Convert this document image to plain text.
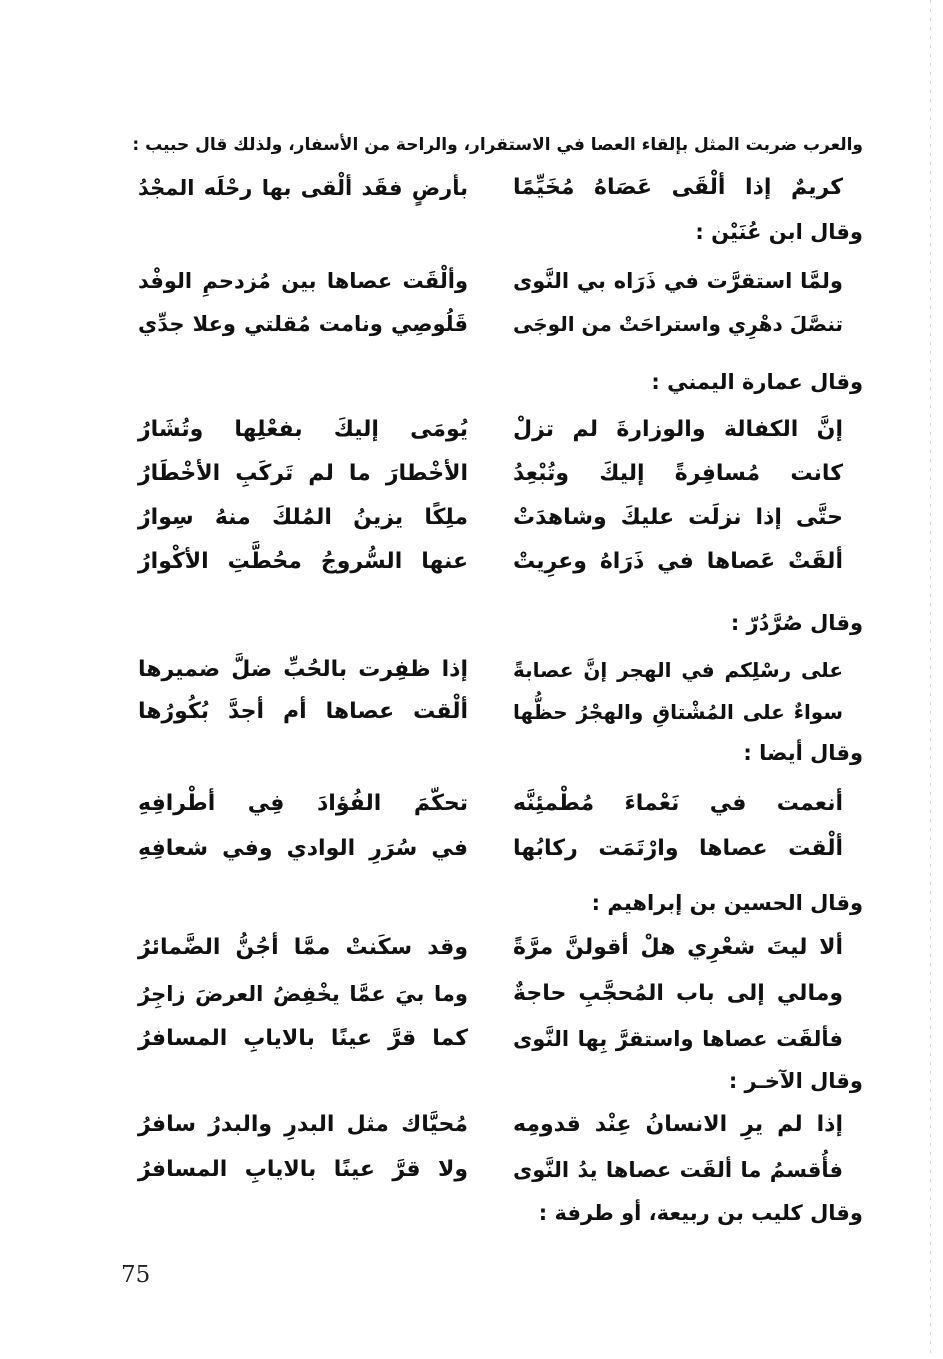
والعرب ضربت المثل بإلقاء العصا في الاستقرار، والراحة من الأسفار، ولذلك قال حبيب :
كريمٌ إذا ألْقَى عَصَاهُ مُخَيِّمًا
بأرضٍ فقَد ألْقى بها رحْلَه المجْدُ
وقال ابن عُنَيْن :
ولمَّا استقرَّت في ذَرَاه بي النَّوى
وألْقَت عصاها بين مُزدحمِ الوفْد
تنصَّلَ دهْرِي واستراحَتْ من الوجَى
قَلُوصِي ونامت مُقلتي وعلا جدِّي
وقال عمارة اليمني :
إنَّ الكفالة والوزارةَ لم تزلْ
يُومَى إليكَ بفعْلِها وتُشَارُ
كانت مُسافِرةً إليكَ وتُبْعِدُ
الأخْطارَ ما لم تَركَبِ الأخْطَارُ
حتَّى إذا نزلَت عليكَ وشاهدَتْ
ملِكًا يزينُ المُلكَ منهُ سِوارُ
ألقَتْ عَصاها في ذَرَاهُ وعرِيتْ
عنها السُّروجُ محُطَّتِ الأكْوارُ
وقال صُرَّدُرّ :
على رسْلِكم في الهجر إنَّ عصابةً
إذا ظفِرت بالحُبِّ ضلَّ ضميرها
سواءٌ على المُشْتاقِ والهجْرُ حظُّها
ألْقت عصاها أم أجدَّ بُكُورُها
وقال أيضا :
أنعمت في نَعْماءَ مُطْمئِنَّه
تحكّمَ الفُؤادَ فِي أطْرافِهِ
ألْقت عصاها وارْتَمَت ركابُها
في سُرَرِ الوادي وفي شعافِهِ
وقال الحسين بن إبراهيم :
ألا ليتَ شعْرِي هلْ أقولنَّ مرَّةً
وقد سكَنتْ ممَّا أجُنُّ الضَّمائرُ
ومالي إلى باب المُحجَّبِ حاجةٌ
وما بيَ عمَّا يخْفِضُ العرضَ زاجِرُ
فألقَت عصاها واستقرَّ بِها النَّوى
كما قرَّ عينًا بالايابِ المسافرُ
وقال الآخـر :
إذا لم يرِ الانسانُ عِنْد قدومِه
مُحيَّاك مثل البدرِ والبدرُ سافرُ
فأُقسمُ ما ألقَت عصاها يدُ النَّوى
ولا قرَّ عينًا بالايابِ المسافرُ
وقال كليب بن ربيعة، أو طرفة :
75
